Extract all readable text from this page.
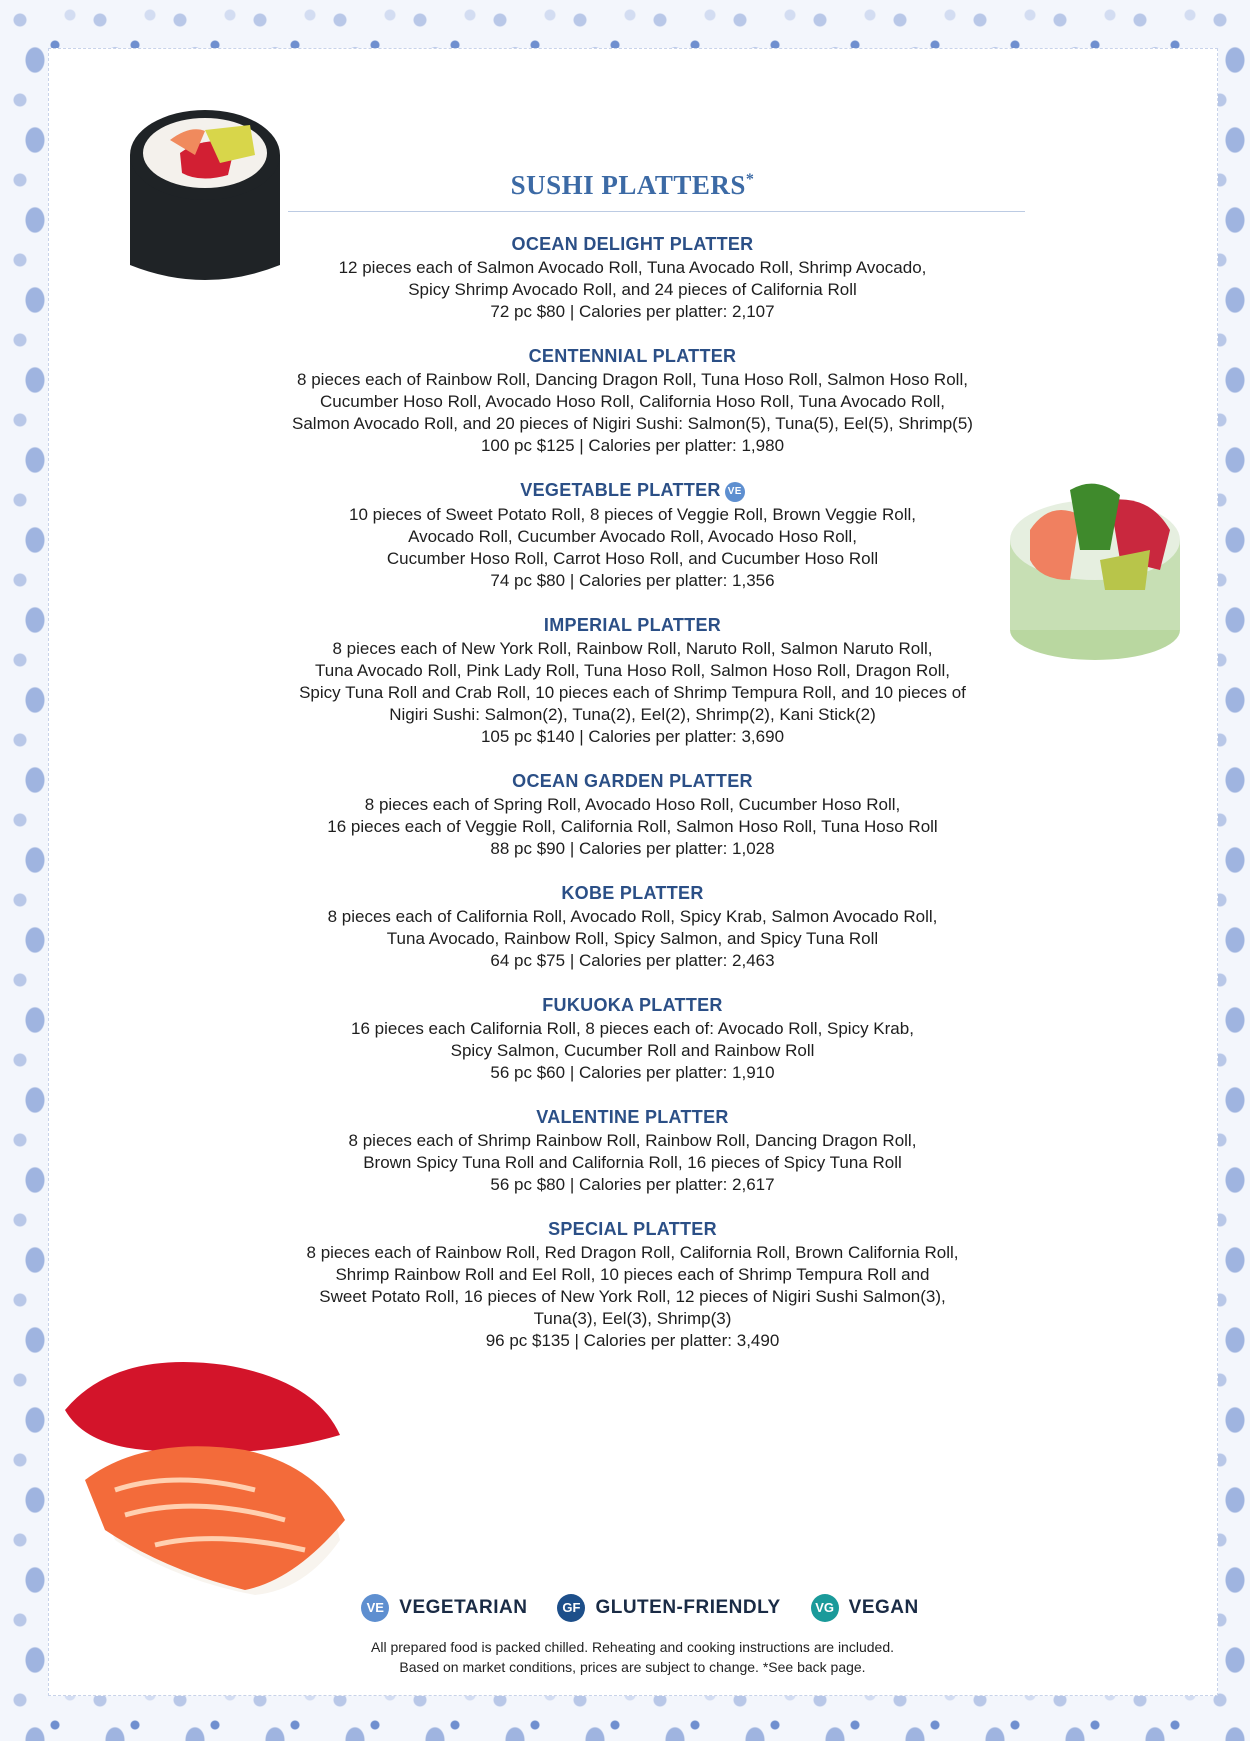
SUSHI PLATTERS*

OCEAN DELIGHT PLATTER

12 pieces each of Salmon Avocado Roll, Tuna Avocado Roll, Shrimp Avocado,

Spicy Shrimp Avocado Roll, and 24 pieces of California Roll

72 pc $80 | Calories per platter: 2,107

CENTENNIAL PLATTER

8 pieces each of Rainbow Roll, Dancing Dragon Roll, Tuna Hoso Roll, Salmon Hoso Roll,

Cucumber Hoso Roll, Avocado Hoso Roll, California Hoso Roll, Tuna Avocado Roll,

Salmon Avocado Roll, and 20 pieces of Nigiri Sushi: Salmon(5), Tuna(5), Eel(5), Shrimp(5)

100 pc $125 | Calories per platter: 1,980

VEGETABLE PLATTER VE

10 pieces of Sweet Potato Roll, 8 pieces of Veggie Roll, Brown Veggie Roll,

Avocado Roll, Cucumber Avocado Roll, Avocado Hoso Roll,

Cucumber Hoso Roll, Carrot Hoso Roll, and Cucumber Hoso Roll

74 pc $80 | Calories per platter: 1,356

IMPERIAL PLATTER

8 pieces each of New York Roll, Rainbow Roll, Naruto Roll, Salmon Naruto Roll,

Tuna Avocado Roll, Pink Lady Roll, Tuna Hoso Roll, Salmon Hoso Roll, Dragon Roll,

Spicy Tuna Roll and Crab Roll, 10 pieces each of Shrimp Tempura Roll, and 10 pieces of

Nigiri Sushi: Salmon(2), Tuna(2), Eel(2), Shrimp(2), Kani Stick(2)

105 pc $140 | Calories per platter: 3,690

OCEAN GARDEN PLATTER

8 pieces each of Spring Roll, Avocado Hoso Roll, Cucumber Hoso Roll,

16 pieces each of Veggie Roll, California Roll, Salmon Hoso Roll, Tuna Hoso Roll

88 pc $90 | Calories per platter: 1,028

KOBE PLATTER

8 pieces each of California Roll, Avocado Roll, Spicy Krab, Salmon Avocado Roll,

Tuna Avocado, Rainbow Roll, Spicy Salmon, and Spicy Tuna Roll

64 pc $75 | Calories per platter: 2,463

FUKUOKA PLATTER

16 pieces each California Roll, 8 pieces each of: Avocado Roll, Spicy Krab,

Spicy Salmon, Cucumber Roll and Rainbow Roll

56 pc $60 | Calories per platter: 1,910

VALENTINE PLATTER

8 pieces each of Shrimp Rainbow Roll, Rainbow Roll, Dancing Dragon Roll,

Brown Spicy Tuna Roll and California Roll, 16 pieces of Spicy Tuna Roll

56 pc $80 | Calories per platter: 2,617

SPECIAL PLATTER

8 pieces each of Rainbow Roll, Red Dragon Roll, California Roll, Brown California Roll,

Shrimp Rainbow Roll and Eel Roll, 10 pieces each of Shrimp Tempura Roll and

Sweet Potato Roll, 16 pieces of New York Roll, 12 pieces of Nigiri Sushi Salmon(3),

Tuna(3), Eel(3), Shrimp(3)

96 pc $135 | Calories per platter: 3,490

VE VEGETARIAN	GF GLUTEN-FRIENDLY	VG VEGAN

All prepared food is packed chilled. Reheating and cooking instructions are included.

Based on market conditions, prices are subject to change. *See back page.
